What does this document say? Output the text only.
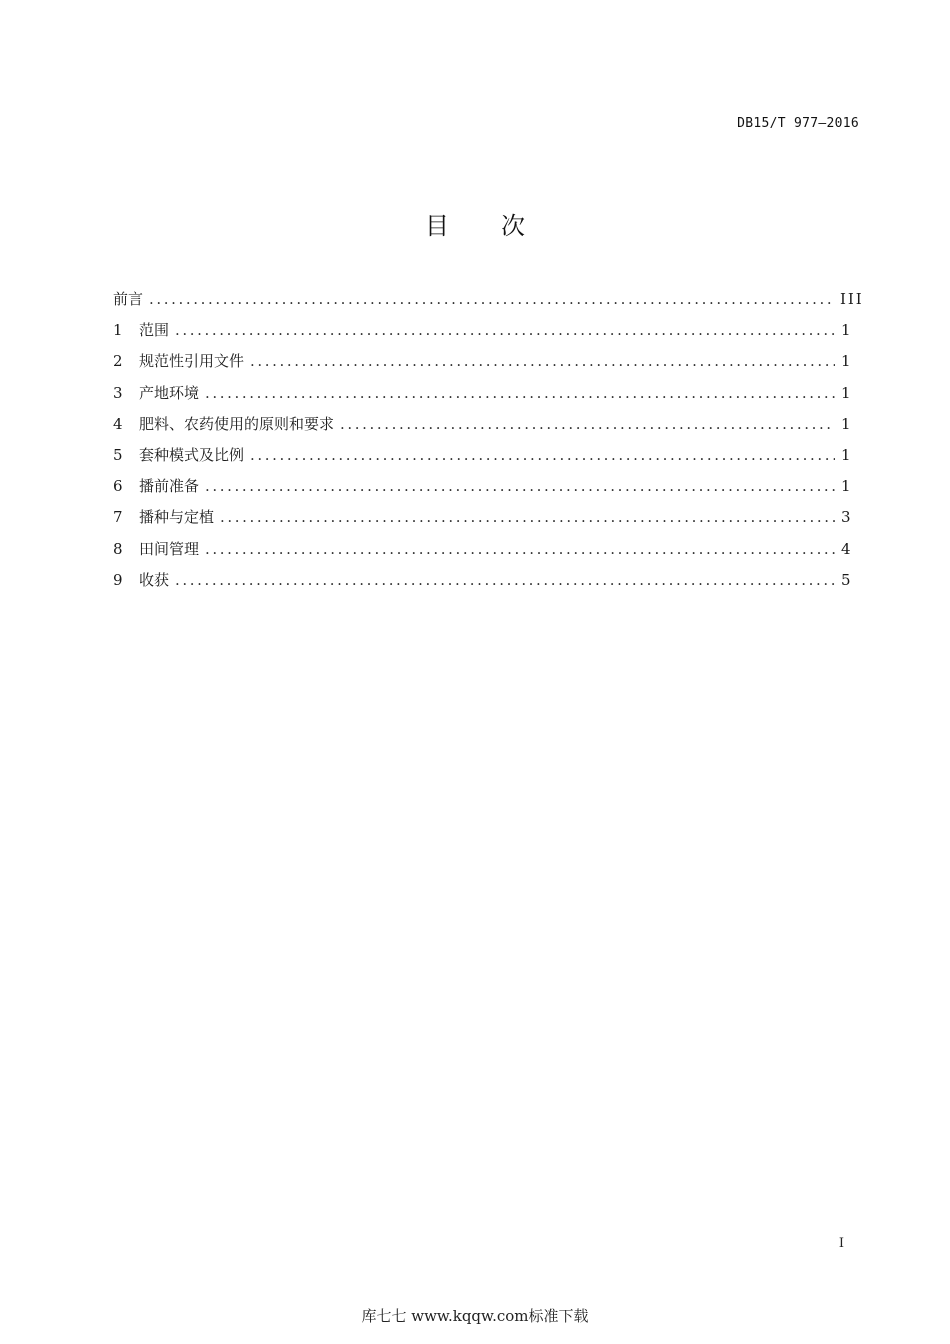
DB15/T 977—2016
目次
前言 .....	III
1	范围 .....	1
2	规范性引用文件 .....	1
3	产地环境 .....	1
4	肥料、农药使用的原则和要求 .....	1
5	套种模式及比例 .....	1
6	播前准备 .....	1
7	播种与定植 .....	3
8	田间管理 .....	4
9	收获 .....	5
I
库七七 www.kqqw.com标准下载
